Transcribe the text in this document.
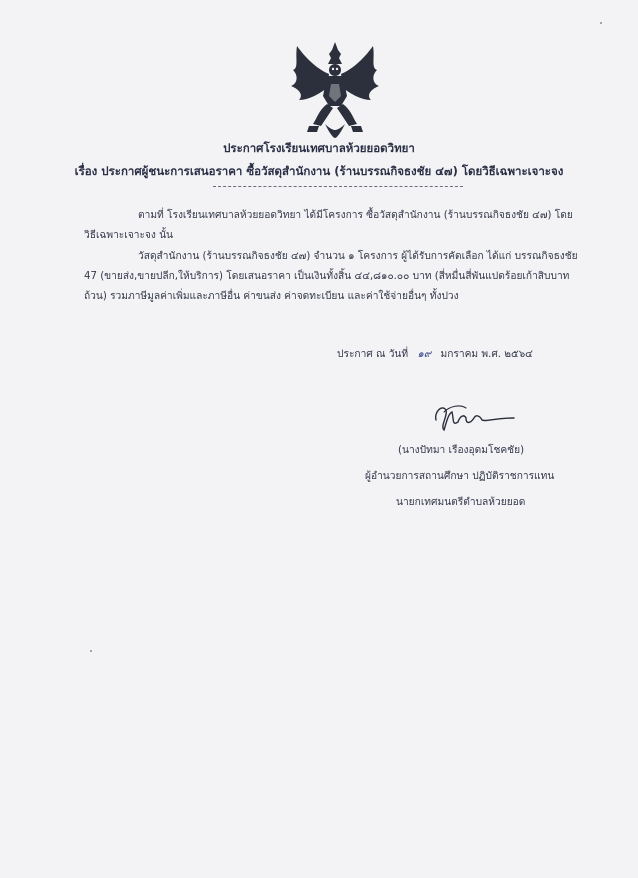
ประกาศโรงเรียนเทศบาลห้วยยอดวิทยา
เรื่อง ประกาศผู้ชนะการเสนอราคา ซื้อวัสดุสำนักงาน (ร้านบรรณกิจธงชัย ๔๗) โดยวิธีเฉพาะเจาะจง
ตามที่ โรงเรียนเทศบาลห้วยยอดวิทยา ได้มีโครงการ ซื้อวัสดุสำนักงาน (ร้านบรรณกิจธงชัย ๔๗) โดยวิธีเฉพาะเจาะจง นั้น
วัสดุสำนักงาน (ร้านบรรณกิจธงชัย ๔๗) จำนวน ๑ โครงการ ผู้ได้รับการคัดเลือก ได้แก่ บรรณกิจธงชัย 47 (ขายส่ง,ขายปลีก,ให้บริการ) โดยเสนอราคา เป็นเงินทั้งสิ้น ๔๔,๘๑๐.๐๐ บาท (สี่หมื่นสี่พันแปดร้อยเก้าสิบบาทถ้วน) รวมภาษีมูลค่าเพิ่มและภาษีอื่น ค่าขนส่ง ค่าจดทะเบียน และค่าใช้จ่ายอื่นๆ ทั้งปวง
ประกาศ ณ วันที่ ๑๙ มกราคม พ.ศ. ๒๕๖๔
(นางปัทมา เรืองอุดมโชคชัย)
ผู้อำนวยการสถานศึกษา ปฏิบัติราชการแทน
นายกเทศมนตรีตำบลห้วยยอด
